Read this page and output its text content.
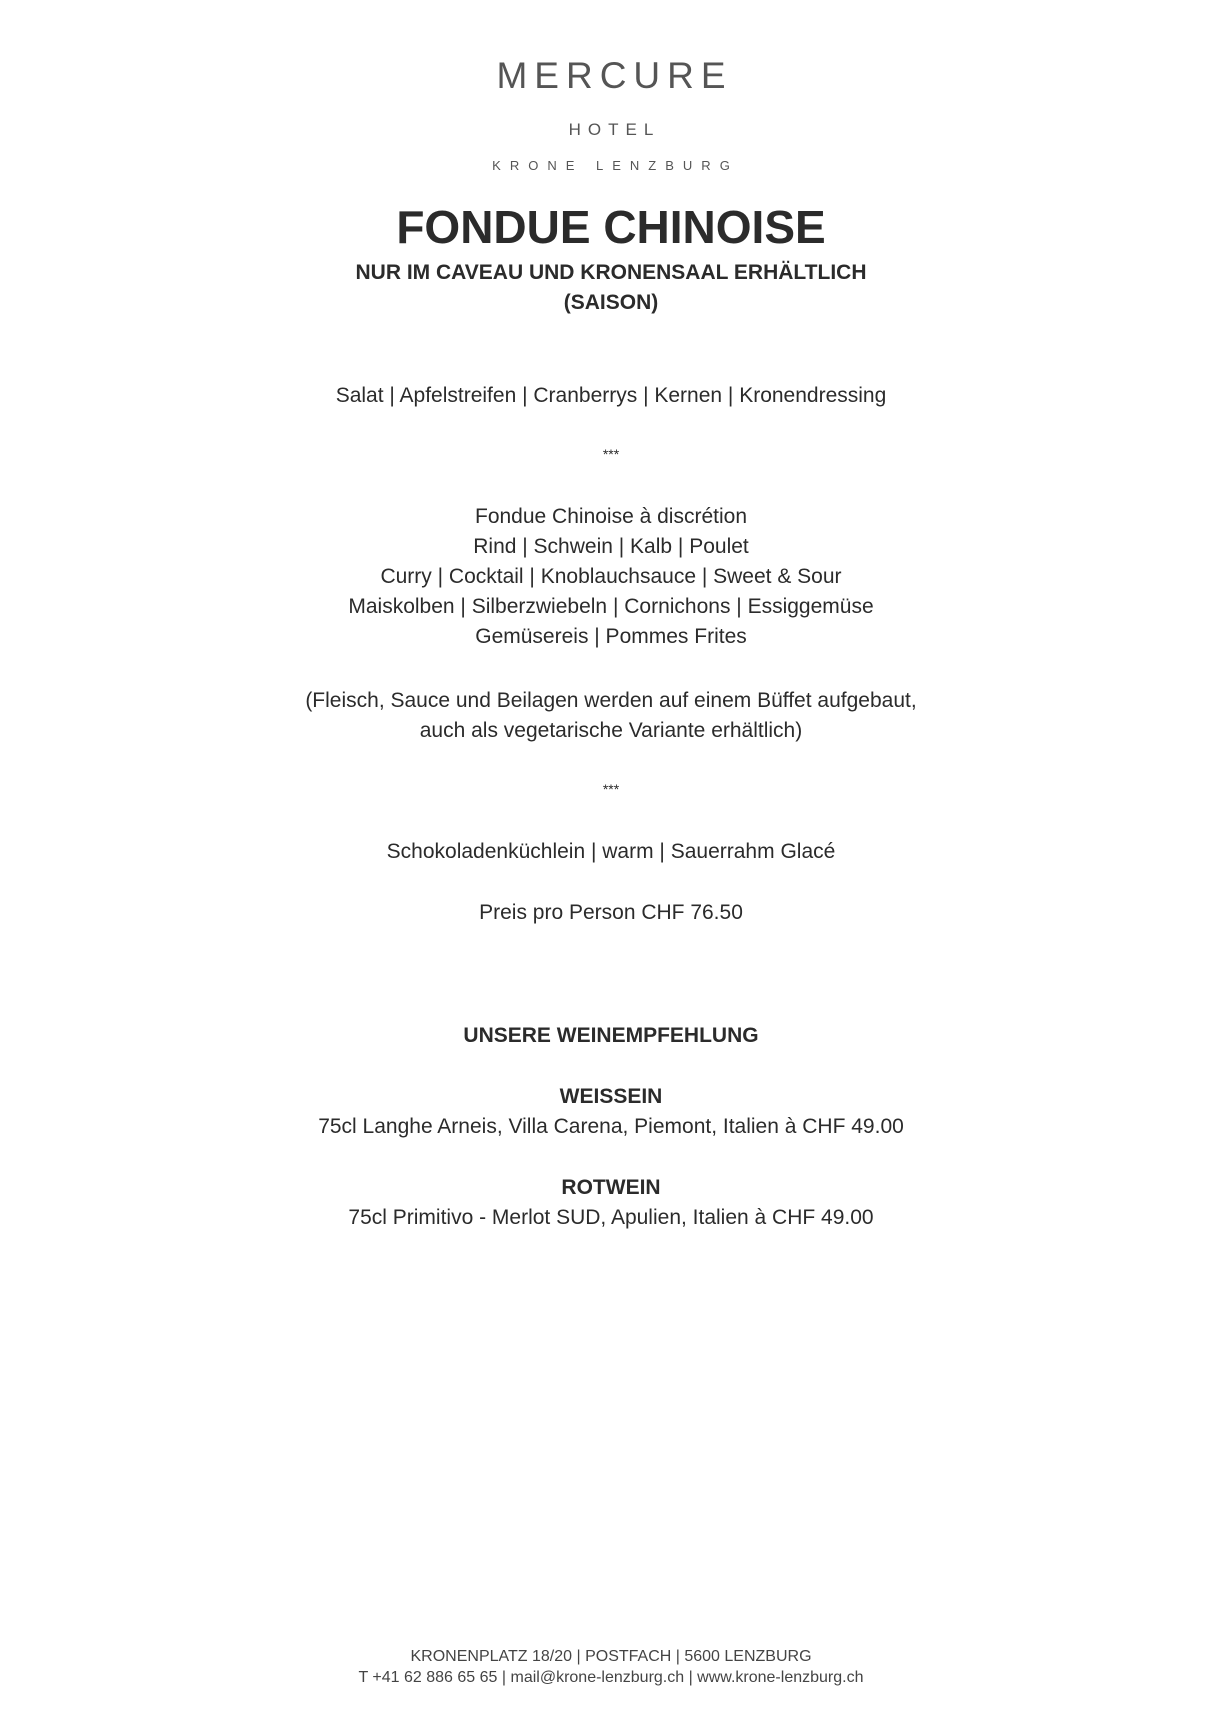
MERCURE
HOTEL
KRONE LENZBURG
FONDUE CHINOISE
NUR IM CAVEAU UND KRONENSAAL ERHÄLTLICH
(SAISON)
Salat | Apfelstreifen | Cranberrys | Kernen | Kronendressing
***
Fondue Chinoise à discrétion
Rind | Schwein | Kalb | Poulet
Curry | Cocktail | Knoblauchsauce | Sweet & Sour
Maiskolben | Silberzwiebeln | Cornichons | Essiggemüse
Gemüsereis | Pommes Frites
(Fleisch, Sauce und Beilagen werden auf einem Büffet aufgebaut,
auch als vegetarische Variante erhältlich)
***
Schokoladenküchlein | warm | Sauerrahm Glacé
Preis pro Person CHF 76.50
UNSERE WEINEMPFEHLUNG
WEISSEIN
75cl Langhe Arneis, Villa Carena, Piemont, Italien à CHF 49.00
ROTWEIN
75cl Primitivo - Merlot SUD, Apulien, Italien à CHF 49.00
KRONENPLATZ 18/20 | POSTFACH | 5600 LENZBURG
T +41 62 886 65 65 | mail@krone-lenzburg.ch | www.krone-lenzburg.ch
